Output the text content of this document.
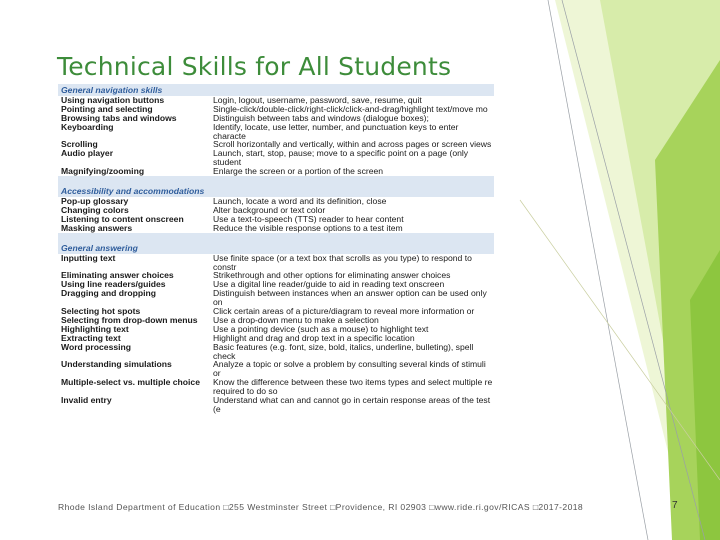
Technical Skills for All Students
General navigation skills
Using navigation buttons	Login, logout, username, password, save, resume, quit
Pointing and selecting	Single-click/double-click/right-click/click-and-drag/highlight text/move mo
Browsing tabs and windows	Distinguish between tabs and windows (dialogue boxes);
Keyboarding	Identify, locate, use letter, number, and punctuation keys to enter characte

Scrolling	Scroll horizontally and vertically, within and across pages or screen views
Audio player	Launch, start, stop, pause; move to a specific point on a page (only student

Magnifying/zooming	Enlarge the screen or a portion of the screen
Accessibility and accommodations
Pop-up glossary	Launch, locate a word and its definition, close
Changing colors	Alter background or text color
Listening to content onscreen	Use a text-to-speech (TTS) reader to hear content
Masking answers	Reduce the visible response options to a test item
General answering
Inputting text	Use finite space (or a text box that scrolls as you type) to respond to constr

Eliminating answer choices	Strikethrough and other options for eliminating answer choices
Using line readers/guides	Use a digital line reader/guide to aid in reading text onscreen
Dragging and dropping	Distinguish between instances when an answer option can be used only on

Selecting hot spots	Click certain areas of a picture/diagram to reveal more information or
Selecting from drop-down menus	Use a drop-down menu to make a selection
Highlighting text	Use a pointing device (such as a mouse) to highlight text
Extracting text	Highlight and drag and drop text in a specific location
Word processing	Basic features (e.g. font, size, bold, italics, underline, bulleting), spell check

Understanding simulations	Analyze a topic or solve a problem by consulting several kinds of stimuli or

Multiple-select vs. multiple choice	Know the difference between these two items types and select multiple re
required to do so
Invalid entry	Understand what can and cannot go in certain response areas of the test (e

Rhode Island Department of Education □255 Westminster Street □Providence, RI 02903 □www.ride.ri.gov/RICAS □2017-2018	7
